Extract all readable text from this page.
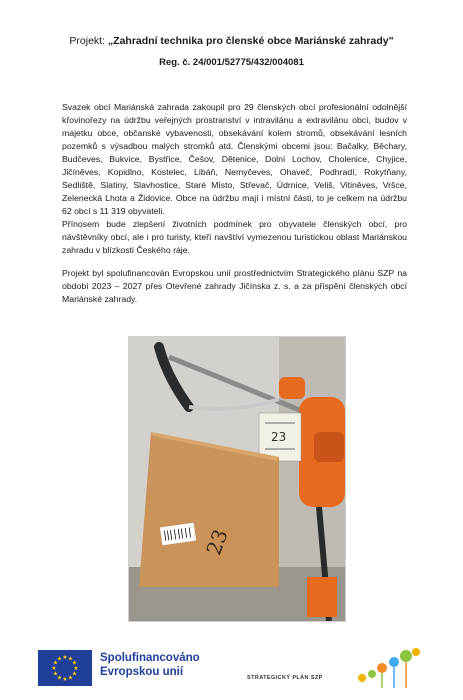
Projekt: „Zahradní technika pro členské obce Mariánské zahrady"
Reg. č. 24/001/52775/432/004081

Svazek obcí Mariánská zahrada zakoupil pro 29 členských obcí profesionální odolnější křovinořezy na údržbu veřejných prostranství v intravilánu a extravilánu obcí, budov v majetku obce, občanské vybavenosti, obsekávání kolem stromů, obsekávání lesních pozemků s výsadbou malých stromků atd. Členskými obcemi jsou: Bačalky, Běchary, Budčeves, Bukvice, Bystřice, Češov, Dětenice, Dolní Lochov, Cholenice, Chyjice, Jičíněves, Kopidlno, Kostelec, Libáň, Nemyčeves, Ohaveč, Podhradí, Rokytňany, Sedliště, Slatiny, Slavhostice, Staré Místo, Střevač, Údrnice, Veliš, Vitiněves, Vršce, Zelenecká Lhota a Židovice. Obce na údržbu mají i místní části, to je celkem na údržbu 62 obcí s 11 319 obyvateli.

Přínosem bude zlepšení životních podmínek pro obyvatele členských obcí, pro návštěvníky obcí, ale i pro turisty, kteří navštíví vymezenou turistickou oblast Mariánskou zahradu v blízkosti Českého ráje.

Projekt byl spolufinancován Evropskou unií prostřednictvím Strategického plánu SZP na období 2023 – 2027 přes Otevřené zahrady Jičínska z. s. a za přispění členských obcí Mariánské zahrady.

23
23
★ ★
★
★
★
★
★
★
★
★
★
★	Spolufinancováno
Evropskou unií	STRATEGICKÝ PLÁN SZP
